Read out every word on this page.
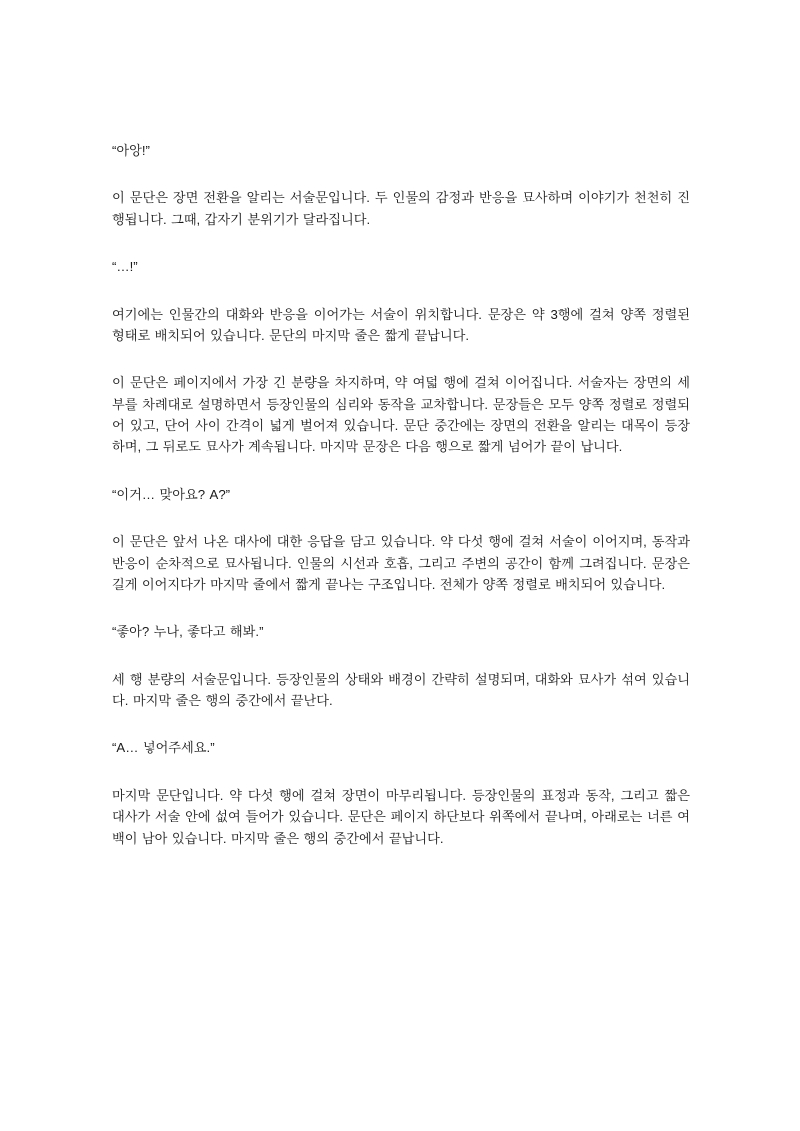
“아앙!”

이 문단은 장면 전환을 알리는 서술문입니다. 두 인물의 감정과 반응을 묘사하며 이야기가 천천히 진행됩니다. 그때, 갑자기 분위기가 달라집니다.

“…!”

여기에는 인물간의 대화와 반응을 이어가는 서술이 위치합니다. 문장은 약 3행에 걸쳐 양쪽 정렬된 형태로 배치되어 있습니다. 문단의 마지막 줄은 짧게 끝납니다.

이 문단은 페이지에서 가장 긴 분량을 차지하며, 약 여덟 행에 걸쳐 이어집니다. 서술자는 장면의 세부를 차례대로 설명하면서 등장인물의 심리와 동작을 교차합니다. 문장들은 모두 양쪽 정렬로 정렬되어 있고, 단어 사이 간격이 넓게 벌어져 있습니다. 문단 중간에는 장면의 전환을 알리는 대목이 등장하며, 그 뒤로도 묘사가 계속됩니다. 마지막 문장은 다음 행으로 짧게 넘어가 끝이 납니다.

“이거… 맞아요? A?”

이 문단은 앞서 나온 대사에 대한 응답을 담고 있습니다. 약 다섯 행에 걸쳐 서술이 이어지며, 동작과 반응이 순차적으로 묘사됩니다. 인물의 시선과 호흡, 그리고 주변의 공간이 함께 그려집니다. 문장은 길게 이어지다가 마지막 줄에서 짧게 끝나는 구조입니다. 전체가 양쪽 정렬로 배치되어 있습니다.

“좋아? 누나, 좋다고 해봐.”

세 행 분량의 서술문입니다. 등장인물의 상태와 배경이 간략히 설명되며, 대화와 묘사가 섞여 있습니다. 마지막 줄은 행의 중간에서 끝난다.

“A… 넣어주세요.”

마지막 문단입니다. 약 다섯 행에 걸쳐 장면이 마무리됩니다. 등장인물의 표정과 동작, 그리고 짧은 대사가 서술 안에 섮여 들어가 있습니다. 문단은 페이지 하단보다 위쪽에서 끝나며, 아래로는 너른 여백이 남아 있습니다. 마지막 줄은 행의 중간에서 끝납니다.
